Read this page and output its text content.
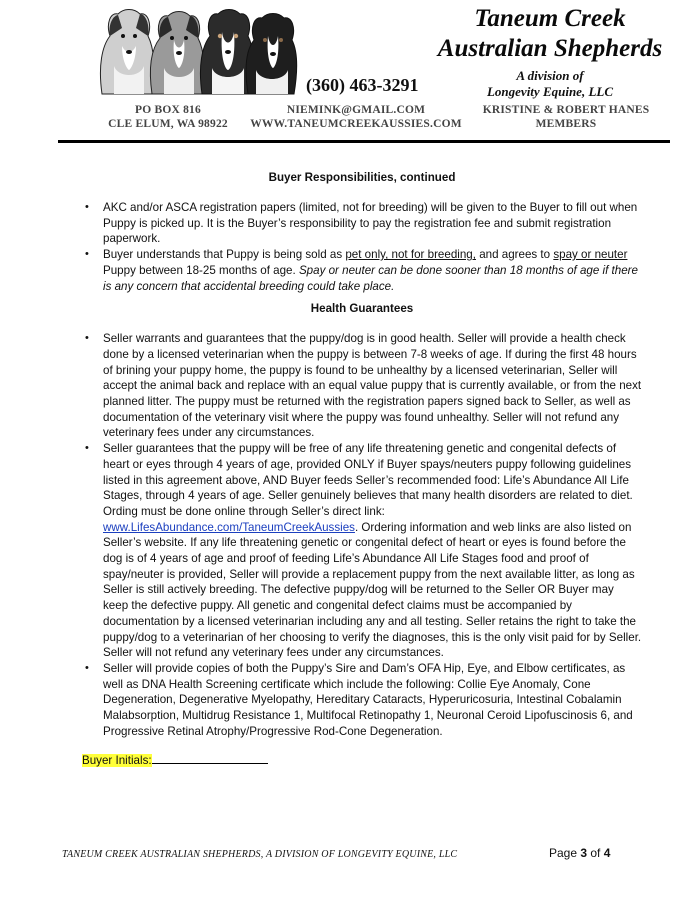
Taneum Creek
Australian Shepherds
A division of
Longevity Equine, LLC
(360) 463-3291
PO BOX 816
CLE ELUM, WA 98922
NIEMINK@GMAIL.COM
WWW.TANEUMCREEKAUSSIES.COM
KRISTINE & ROBERT HANES
MEMBERS
Buyer Responsibilities, continued
• AKC and/or ASCA registration papers (limited, not for breeding) will be given to the Buyer to fill out when Puppy is picked up. It is the Buyer’s responsibility to pay the registration fee and submit registration paperwork.
• Buyer understands that Puppy is being sold as pet only, not for breeding, and agrees to spay or neuter Puppy between 18-25 months of age. Spay or neuter can be done sooner than 18 months of age if there is any concern that accidental breeding could take place.
Health Guarantees
• Seller warrants and guarantees that the puppy/dog is in good health. Seller will provide a health check done by a licensed veterinarian when the puppy is between 7-8 weeks of age. If during the first 48 hours of brining your puppy home, the puppy is found to be unhealthy by a licensed veterinarian, Seller will accept the animal back and replace with an equal value puppy that is currently available, or from the next planned litter. The puppy must be returned with the registration papers signed back to Seller, as well as documentation of the veterinary visit where the puppy was found unhealthy. Seller will not refund any veterinary fees under any circumstances.
• Seller guarantees that the puppy will be free of any life threatening genetic and congenital defects of heart or eyes through 4 years of age, provided ONLY if Buyer spays/neuters puppy following guidelines listed in this agreement above, AND Buyer feeds Seller’s recommended food: Life’s Abundance All Life Stages, through 4 years of age. Seller genuinely believes that many health disorders are related to diet. Ording must be done online through Seller’s direct link: www.LifesAbundance.com/TaneumCreekAussies. Ordering information and web links are also listed on Seller’s website. If any life threatening genetic or congenital defect of heart or eyes is found before the dog is of 4 years of age and proof of feeding Life’s Abundance All Life Stages food and proof of spay/neuter is provided, Seller will provide a replacement puppy from the next available litter, as long as Seller is still actively breeding. The defective puppy/dog will be returned to the Seller OR Buyer may keep the defective puppy. All genetic and congenital defect claims must be accompanied by documentation by a licensed veterinarian including any and all testing. Seller retains the right to take the puppy/dog to a veterinarian of her choosing to verify the diagnoses, this is the only visit paid for by Seller. Seller will not refund any veterinary fees under any circumstances.
• Seller will provide copies of both the Puppy’s Sire and Dam’s OFA Hip, Eye, and Elbow certificates, as well as DNA Health Screening certificate which include the following: Collie Eye Anomaly, Cone Degeneration, Degenerative Myelopathy, Hereditary Cataracts, Hyperuricosuria, Intestinal Cobalamin Malabsorption, Multidrug Resistance 1, Multifocal Retinopathy 1, Neuronal Ceroid Lipofuscinosis 6, and Progressive Retinal Atrophy/Progressive Rod-Cone Degeneration.
Buyer Initials:
TANEUM CREEK AUSTRALIAN SHEPHERDS, A DIVISION OF LONGEVITY EQUINE, LLC	Page 3 of 4
